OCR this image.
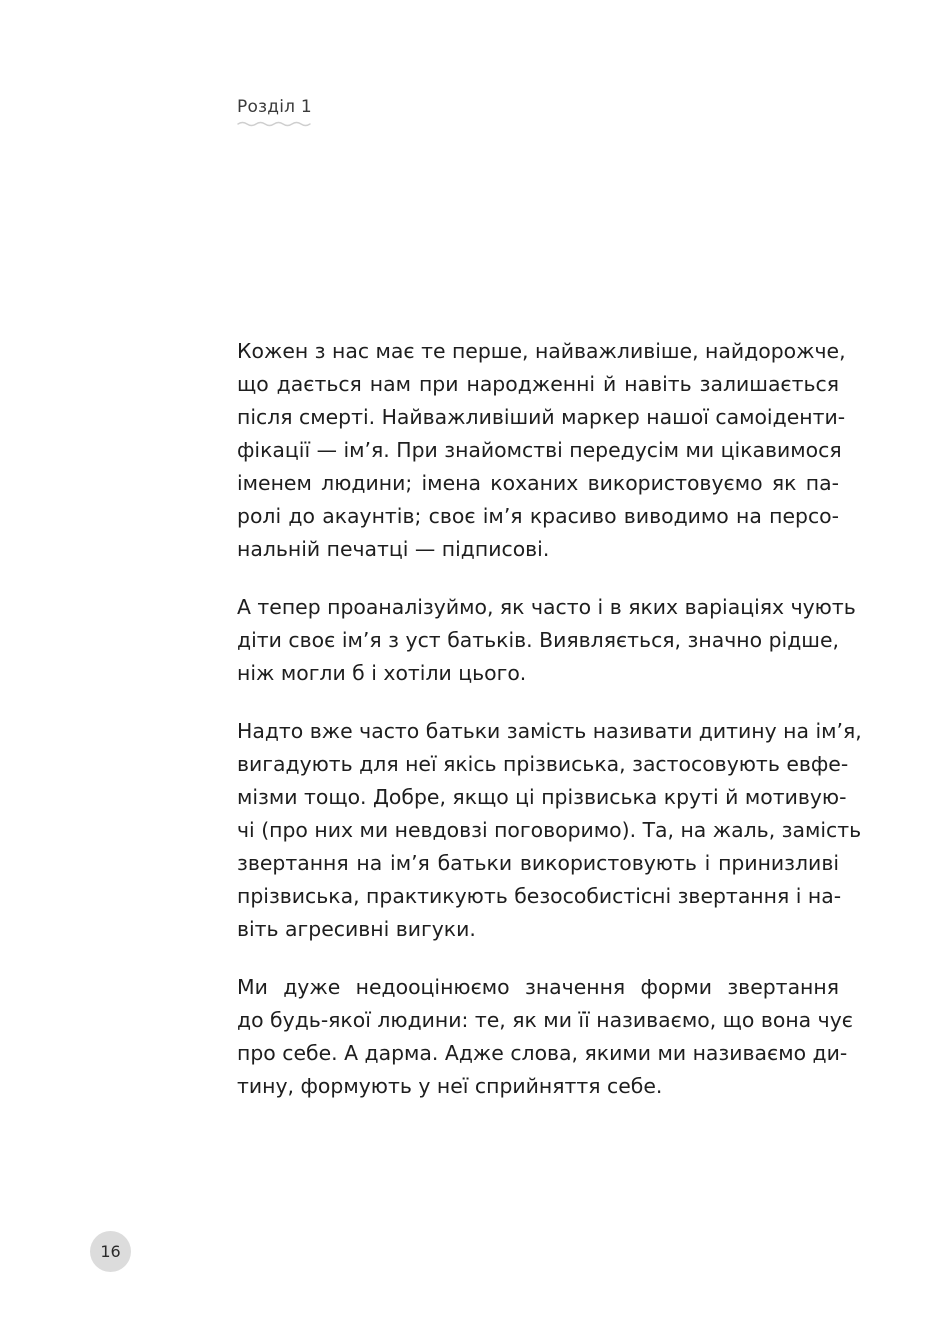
Розділ 1

Кожен з нас має те перше, найважливіше, найдорожче,
що дається нам при народженні й навіть залишається
після смерті. Найважливіший маркер нашої самоіденти-
фікації — ім’я. При знайомстві передусім ми цікавимося
іменем людини; імена коханих використовуємо як па-
ролі до акаунтів; своє ім’я красиво виводимо на персо-
нальній печатці — підписові.

А тепер проаналізуймо, як часто і в яких варіаціях чують
діти своє ім’я з уст батьків. Виявляється, значно рідше,
ніж могли б і хотіли цього.

Надто вже часто батьки замість називати дитину на ім’я,
вигадують для неї якісь прізвиська, застосовують евфе-
мізми тощо. Добре, якщо ці прізвиська круті й мотивую-
чі (про них ми невдовзі поговоримо). Та, на жаль, замість
звертання на ім’я батьки використовують і принизливі
прізвиська, практикують безособистісні звертання і на-
віть агресивні вигуки.

Ми дуже недооцінюємо значення форми звертання
до будь-якої людини: те, як ми її називаємо, що вона чує
про себе. А дарма. Адже слова, якими ми називаємо ди-
тину, формують у неї сприйняття себе.

16
